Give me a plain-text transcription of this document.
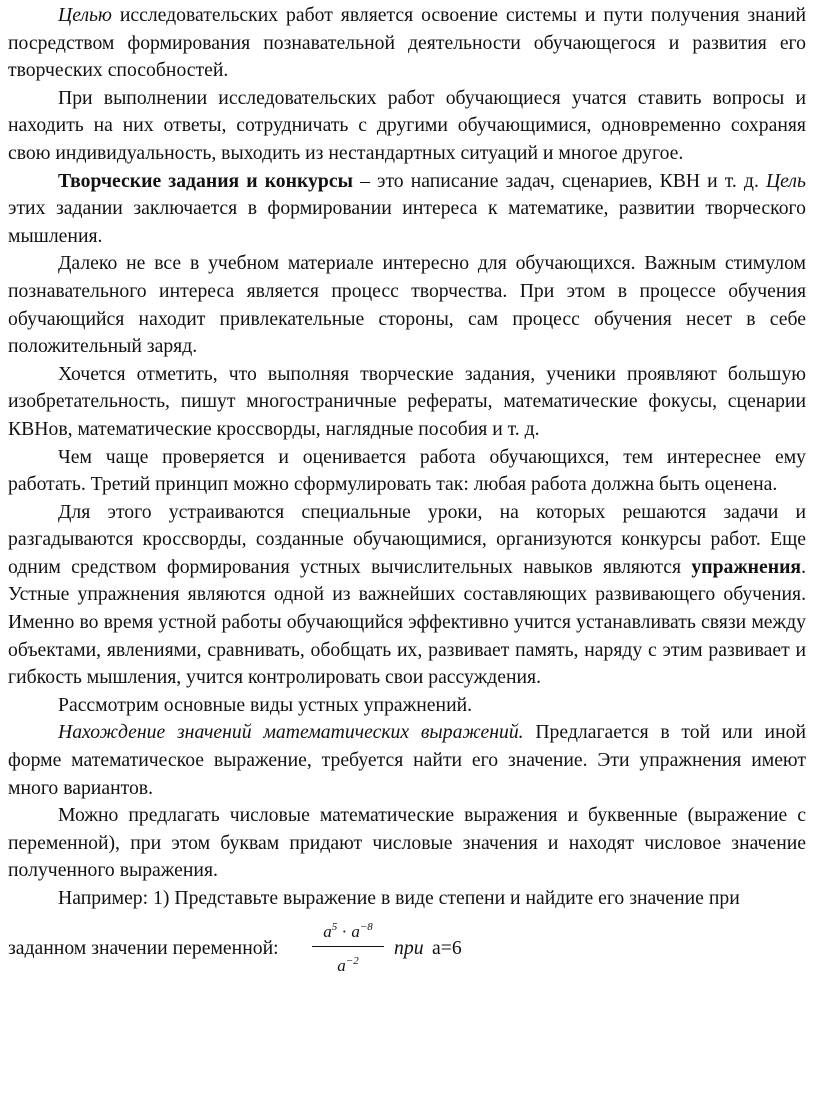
Целью исследовательских работ является освоение системы и пути получения знаний посредством формирования познавательной деятельности обучающегося и развития его творческих способностей.

При выполнении исследовательских работ обучающиеся учатся ставить вопросы и находить на них ответы, сотрудничать с другими обучающимися, одновременно сохраняя свою индивидуальность, выходить из нестандартных ситуаций и многое другое.

Творческие задания и конкурсы – это написание задач, сценариев, КВН и т. д. Цель этих задании заключается в формировании интереса к математике, развитии творческого мышления.

Далеко не все в учебном материале интересно для обучающихся. Важным стимулом познавательного интереса является процесс творчества. При этом в процессе обучения обучающийся находит привлекательные стороны, сам процесс обучения несет в себе положительный заряд.

Хочется отметить, что выполняя творческие задания, ученики проявляют большую изобретательность, пишут многостраничные рефераты, математические фокусы, сценарии КВНов, математические кроссворды, наглядные пособия и т. д.

Чем чаще проверяется и оценивается работа обучающихся, тем интереснее ему работать. Третий принцип можно сформулировать так: любая работа должна быть оценена.

Для этого устраиваются специальные уроки, на которых решаются задачи и разгадываются кроссворды, созданные обучающимися, организуются конкурсы работ. Еще одним средством формирования устных вычислительных навыков являются упражнения. Устные упражнения являются одной из важнейших составляющих развивающего обучения. Именно во время устной работы обучающийся эффективно учится устанавливать связи между объектами, явлениями, сравнивать, обобщать их, развивает память, наряду с этим развивает и гибкость мышления, учится контролировать свои рассуждения.

Рассмотрим основные виды устных упражнений.

Нахождение значений математических выражений. Предлагается в той или иной форме математическое выражение, требуется найти его значение. Эти упражнения имеют много вариантов.

Можно предлагать числовые математические выражения и буквенные (выражение с переменной), при этом буквам придают числовые значения и находят числовое значение полученного выражения.

Например: 1) Представьте выражение в виде степени и найдите его значение при

заданном значении переменной:
$a^5 \cdot a^{-8}$
$a^{-2}$
при a=6
